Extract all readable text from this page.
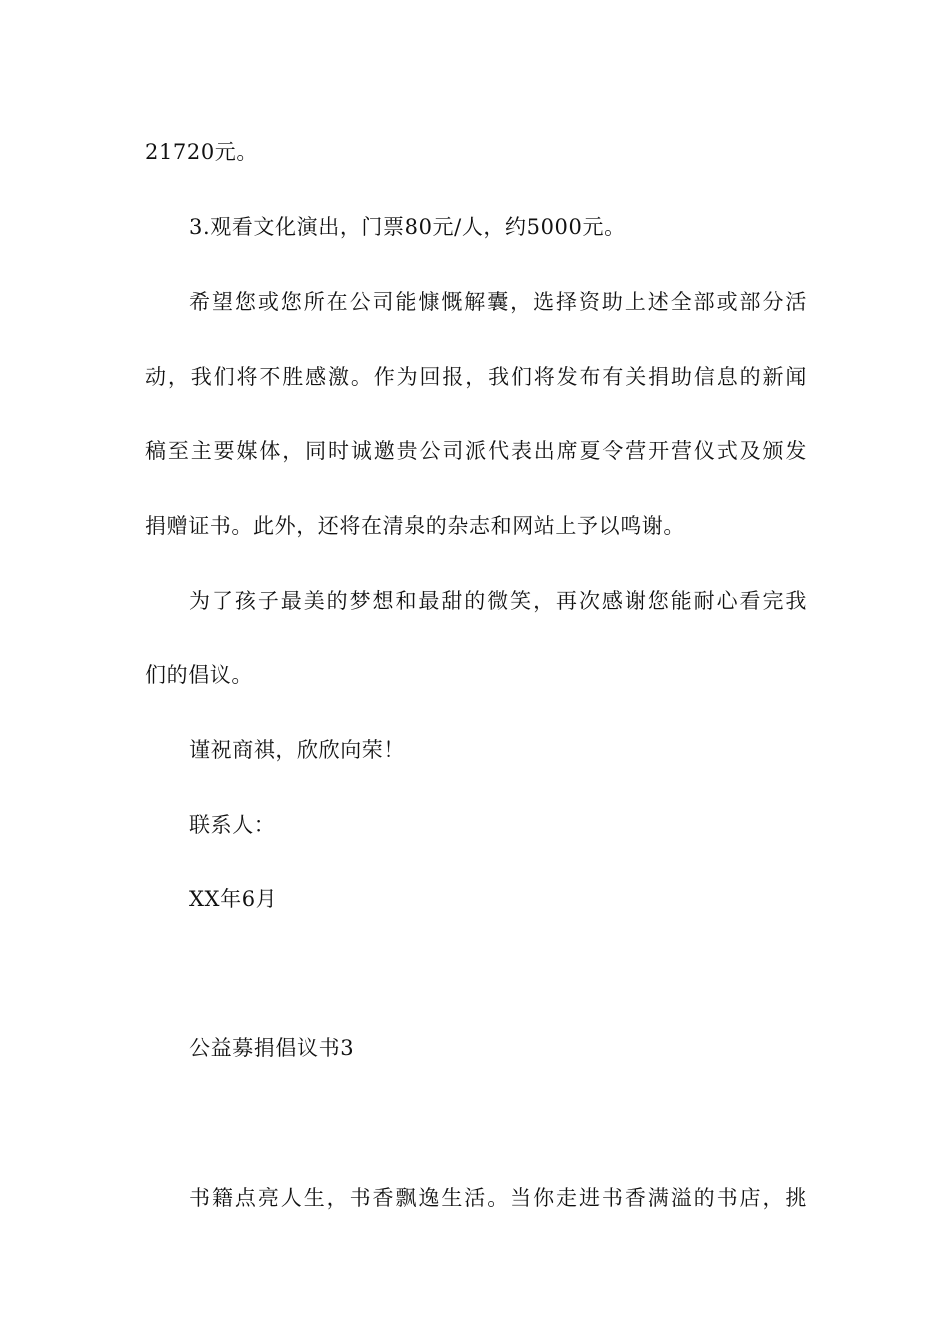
21720元。
3.观看文化演出，门票80元/人，约5000元。
希望您或您所在公司能慷慨解囊，选择资助上述全部或部分活
动，我们将不胜感激。作为回报，我们将发布有关捐助信息的新闻
稿至主要媒体，同时诚邀贵公司派代表出席夏令营开营仪式及颁发
捐赠证书。此外，还将在清泉的杂志和网站上予以鸣谢。
为了孩子最美的梦想和最甜的微笑，再次感谢您能耐心看完我
们的倡议。
谨祝商祺，欣欣向荣！
联系人：
XX年6月
公益募捐倡议书3
书籍点亮人生，书香飘逸生活。当你走进书香满溢的书店，挑
